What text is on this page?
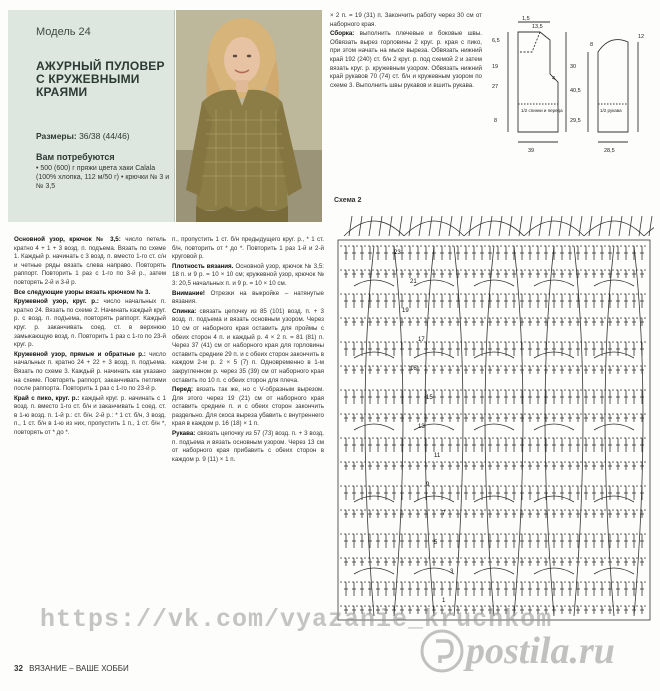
Модель 24
АЖУРНЫЙ ПУЛОВЕР С КРУЖЕВНЫМИ КРАЯМИ
Размеры: 36/38 (44/46)
Вам потребуются
• 500 (600) г пряжи цвета хаки Calala (100% хлопка, 112 м/50 г) • крючки № 3 и № 3,5

Основной узор, крючок № 3,5: число петель кратно 4 + 1 + 3 возд. п. подъема. Вязать по схеме 1. Каждый р. начинать с 3 возд. п. вместо 1-го ст. с/н и четные ряды вязать слева направо. Повторять раппорт. Повторить 1 раз с 1-го по 3-й р., затем повторять 2-й и 3-й р.

Все следующие узоры вязать крючком № 3.

Кружевной узор, круг. р.: число начальных п. кратно 24. Вязать по схеме 2. Начинать каждый круг. р. с возд. п. подъема, повторять раппорт. Каждый круг. р. заканчивать соед. ст. в верхнюю замыкающую возд. п. Повторить 1 раз с 1-го по 23-й круг. р.

Кружевной узор, прямые и обратные р.: число начальных п. кратно 24 + 22 + 3 возд. п. подъема. Вязать по схеме 3. Каждый р. начинать как указано на схеме. Повторять раппорт, заканчивать петлями после раппорта. Повторить 1 раз с 1-го по 23-й р.

Край с пико, круг. р.: каждый круг. р. начинать с 1 возд. п. вместо 1-го ст. б/н и заканчивать 1 соед. ст. в 1-ю возд. п. 1-й р.: ст. б/н. 2-й р.: * 1 ст. б/н, 3 возд. п., 1 ст. б/н в 1-ю из них, пропустить 1 п., 1 ст. б/н *, повторять от * до *.

п., пропустить 1 ст. б/н предыдущего круг. р., * 1 ст. б/н, повторить от * до *. Повторить 1 раз 1-й и 2-й круговой р.

Плотность вязания. Основной узор, крючок № 3,5: 18 п. и 9 р. = 10 × 10 см; кружевной узор, крючок № 3: 20,5 начальных п. и 9 р. = 10 × 10 см.

Внимание! Отрезки на выкройке – натянутые вязания.

Спинка: связать цепочку из 85 (101) возд. п. + 3 возд. п. подъема и вязать основным узором. Через 10 см от наборного края оставить для проймы с обеих сторон 4 п. и каждый р. 4 × 2 п. = 81 (81) п. Через 37 (41) см от наборного края для горловины оставить средние 29 п. и с обеих сторон закончить в каждом 2-м р. 2 × 5 (7) п. Одновременно в 1-м закругленном р. через 35 (39) см от наборного края оставить по 10 п. с обеих сторон для плеча.

Перед: вязать так же, но с V-образным вырезом. Для этого через 19 (21) см от наборного края оставить средние п. и с обеих сторон закончить раздельно. Для скоса выреза убавить с внутреннего края в каждом р. 16 (18) × 1 п.

Рукава: связать цепочку из 57 (73) возд. п. + 3 возд. п. подъема и вязать основным узором. Через 13 см от наборного края прибавить с обеих сторон в каждом р. 9 (11) × 1 п.

× 2 п. = 19 (31) п. Закончить работу через 30 см от наборного края.

Сборка: выполнить плечевые и боковые швы. Обвязать вырез горловины 2 круг. р. края с пико, при этом начать на мысе выреза. Обвязать нижний край 192 (240) ст. б/н 2 круг. р. под схемой 2 и затем вязать круг. р. кружевным узором. Обвязать нижний край рукавов 70 (74) ст. б/н и кружевным узором по схеме 3. Выполнить швы рукавов и вшить рукава.

1,5
13,5
6,5
19
27
30
40,5
4
8	29,5
8
12
1/2 спинки и переда
39
1/2 рукава
28,5
Схема 2
23
21
19
17
16
15
13
11
9
7
5
3
1
32 ВЯЗАНИЕ – ВАШЕ ХОББИ
https://vk.com/vyazanie_kruchkom
postila.ru
